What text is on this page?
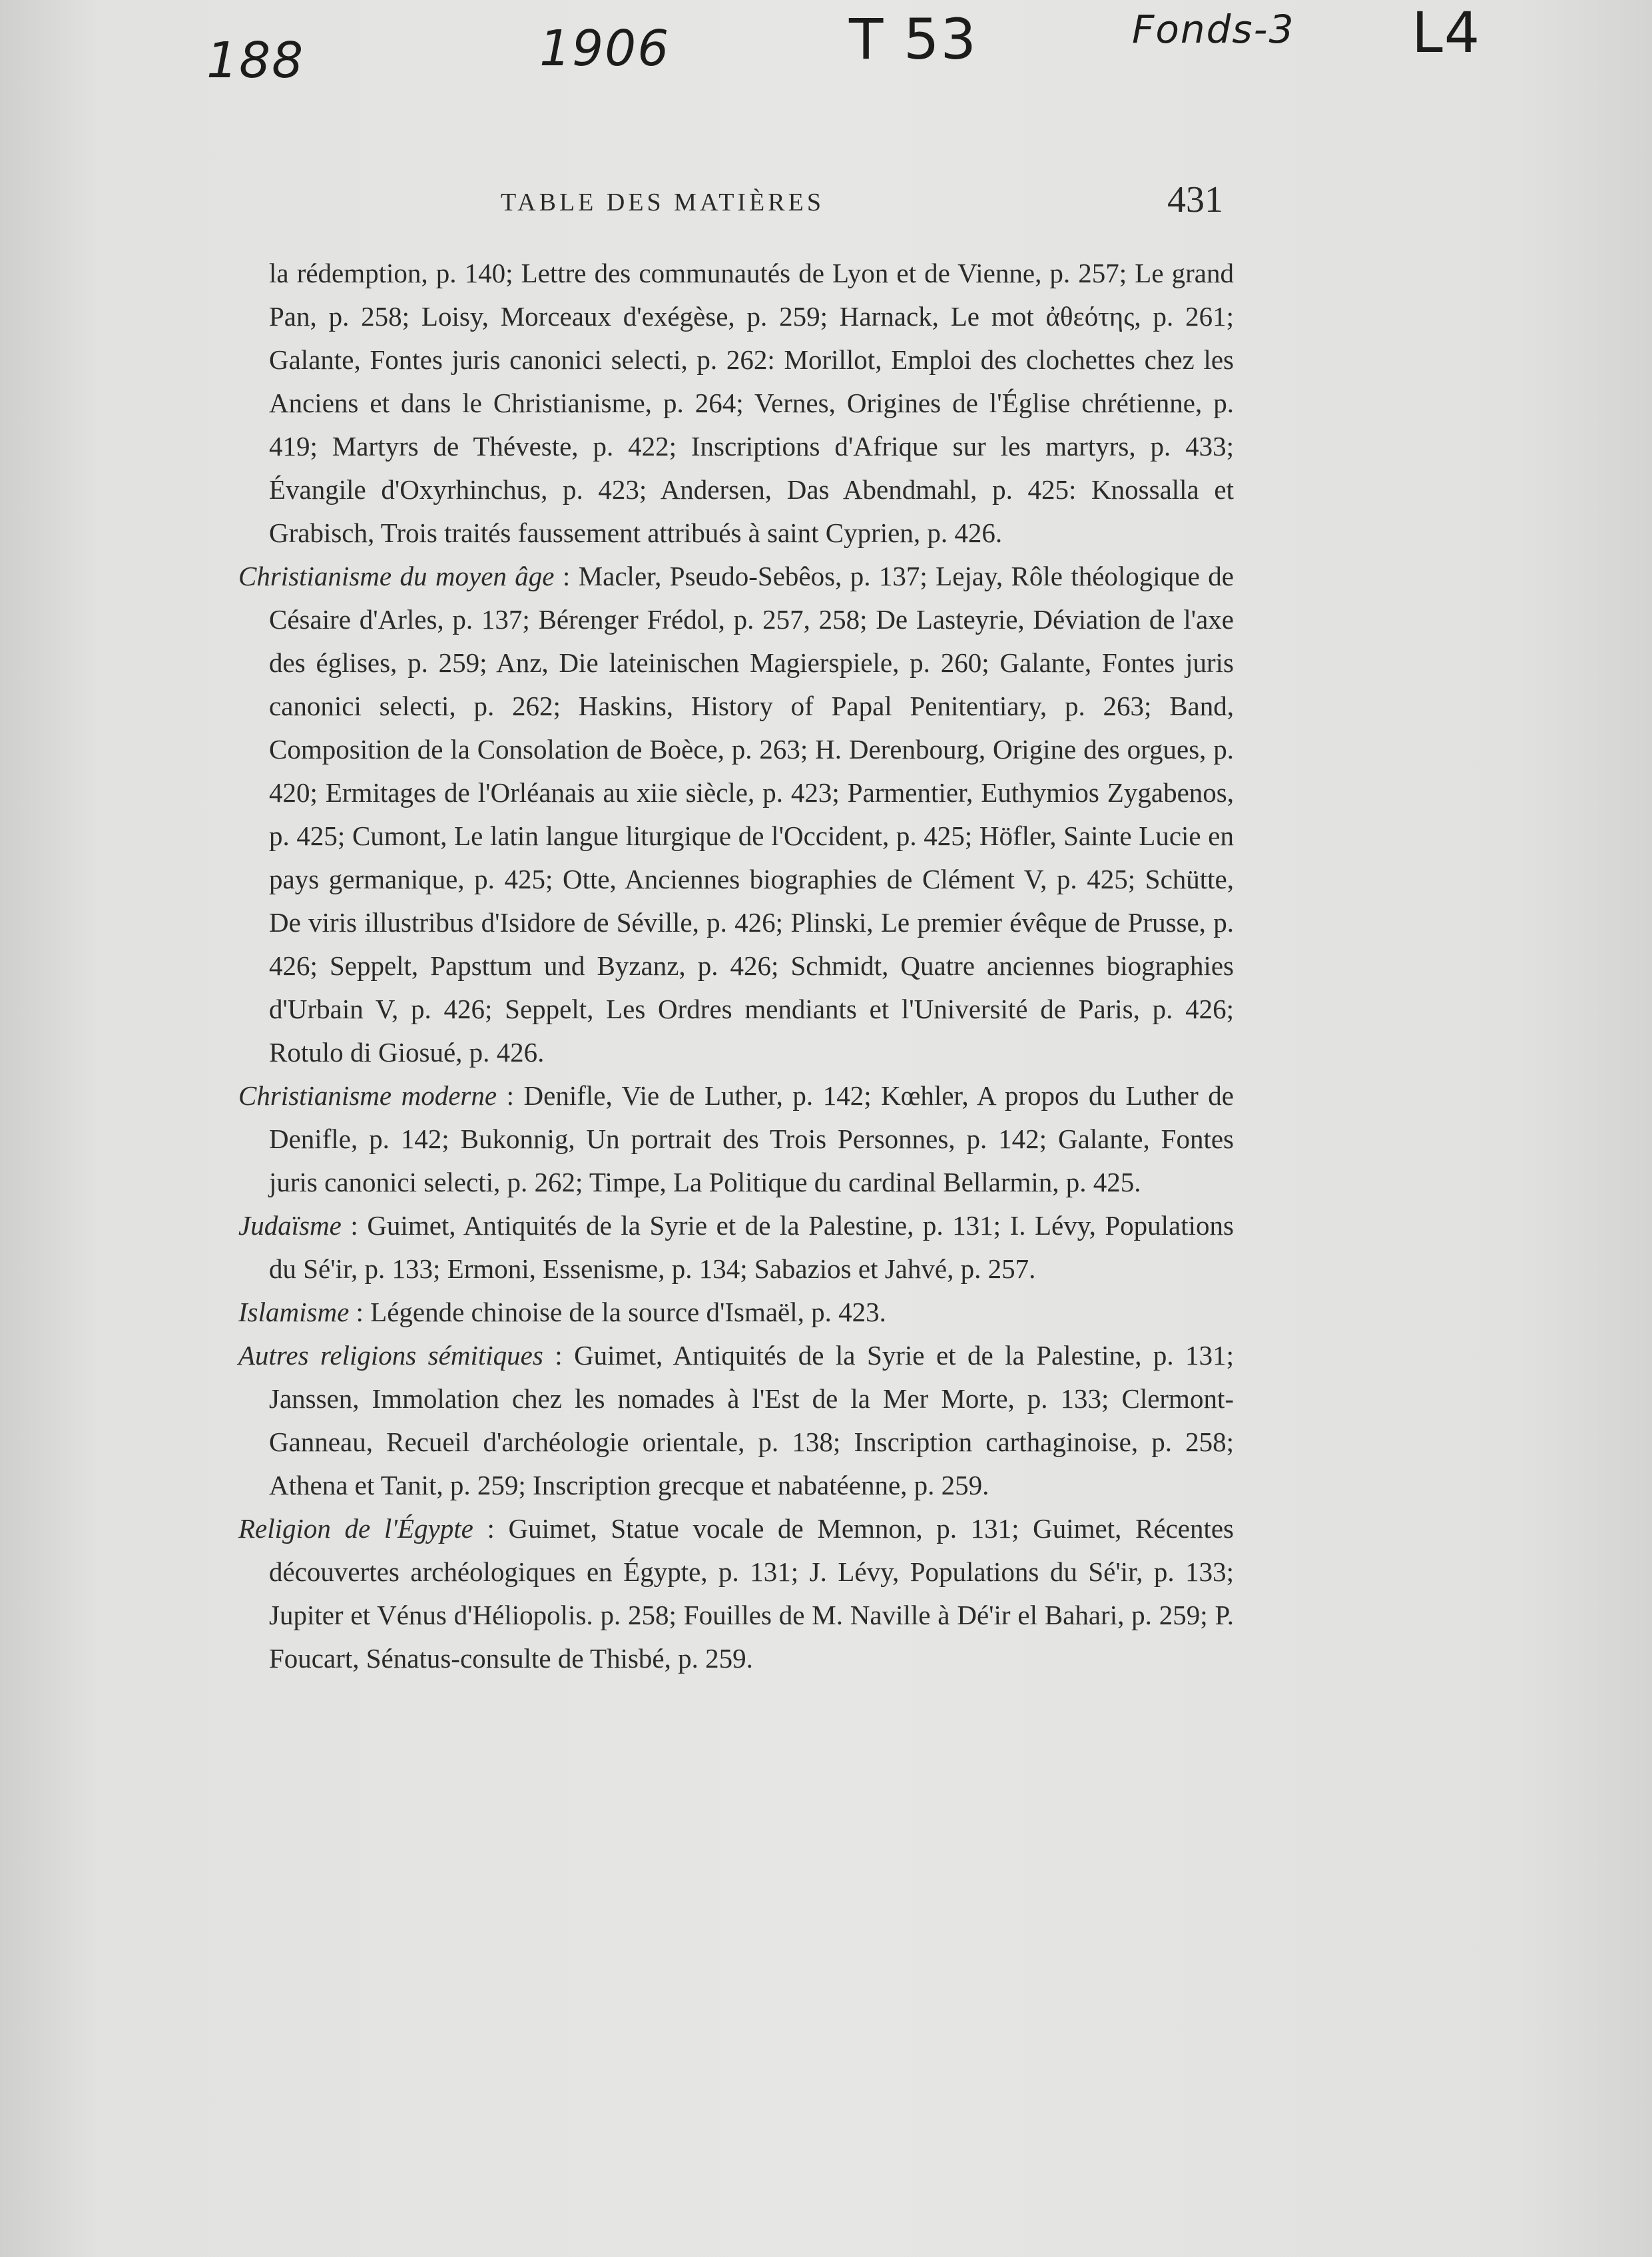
188	1906	T 53	Fonds-3 L4
TABLE DES MATIÈRES	431

la rédemption, p. 140; Lettre des communautés de Lyon et de Vienne, p. 257; Le grand Pan, p. 258; Loisy, Morceaux d'exégèse, p. 259; Harnack, Le mot ἀθεότης, p. 261; Galante, Fontes juris canonici selecti, p. 262: Morillot, Emploi des clochettes chez les Anciens et dans le Christianisme, p. 264; Vernes, Origines de l'Église chrétienne, p. 419; Martyrs de Théveste, p. 422; Inscriptions d'Afrique sur les martyrs, p. 433; Évangile d'Oxyrhinchus, p. 423; Andersen, Das Abendmahl, p. 425: Knossalla et Grabisch, Trois traités faussement attribués à saint Cyprien, p. 426.

Christianisme du moyen âge : Macler, Pseudo-Sebêos, p. 137; Lejay, Rôle théologique de Césaire d'Arles, p. 137; Bérenger Frédol, p. 257, 258; De Lasteyrie, Déviation de l'axe des églises, p. 259; Anz, Die lateinischen Magierspiele, p. 260; Galante, Fontes juris canonici selecti, p. 262; Haskins, History of Papal Penitentiary, p. 263; Band, Composition de la Consolation de Boèce, p. 263; H. Derenbourg, Origine des orgues, p. 420; Ermitages de l'Orléanais au xiie siècle, p. 423; Parmentier, Euthymios Zygabenos, p. 425; Cumont, Le latin langue liturgique de l'Occident, p. 425; Höfler, Sainte Lucie en pays germanique, p. 425; Otte, Anciennes biographies de Clément V, p. 425; Schütte, De viris illustribus d'Isidore de Séville, p. 426; Plinski, Le premier évêque de Prusse, p. 426; Seppelt, Papsttum und Byzanz, p. 426; Schmidt, Quatre anciennes biographies d'Urbain V, p. 426; Seppelt, Les Ordres mendiants et l'Université de Paris, p. 426; Rotulo di Giosué, p. 426.

Christianisme moderne : Denifle, Vie de Luther, p. 142; Kœhler, A propos du Luther de Denifle, p. 142; Bukonnig, Un portrait des Trois Personnes, p. 142; Galante, Fontes juris canonici selecti, p. 262; Timpe, La Politique du cardinal Bellarmin, p. 425.

Judaïsme : Guimet, Antiquités de la Syrie et de la Palestine, p. 131; I. Lévy, Populations du Sé'ir, p. 133; Ermoni, Essenisme, p. 134; Sabazios et Jahvé, p. 257.

Islamisme : Légende chinoise de la source d'Ismaël, p. 423.

Autres religions sémitiques : Guimet, Antiquités de la Syrie et de la Palestine, p. 131; Janssen, Immolation chez les nomades à l'Est de la Mer Morte, p. 133; Clermont-Ganneau, Recueil d'archéologie orientale, p. 138; Inscription carthaginoise, p. 258; Athena et Tanit, p. 259; Inscription grecque et nabatéenne, p. 259.

Religion de l'Égypte : Guimet, Statue vocale de Memnon, p. 131; Guimet, Récentes découvertes archéologiques en Égypte, p. 131; J. Lévy, Populations du Sé'ir, p. 133; Jupiter et Vénus d'Héliopolis. p. 258; Fouilles de M. Naville à Dé'ir el Bahari, p. 259; P. Foucart, Sénatus-consulte de Thisbé, p. 259.
